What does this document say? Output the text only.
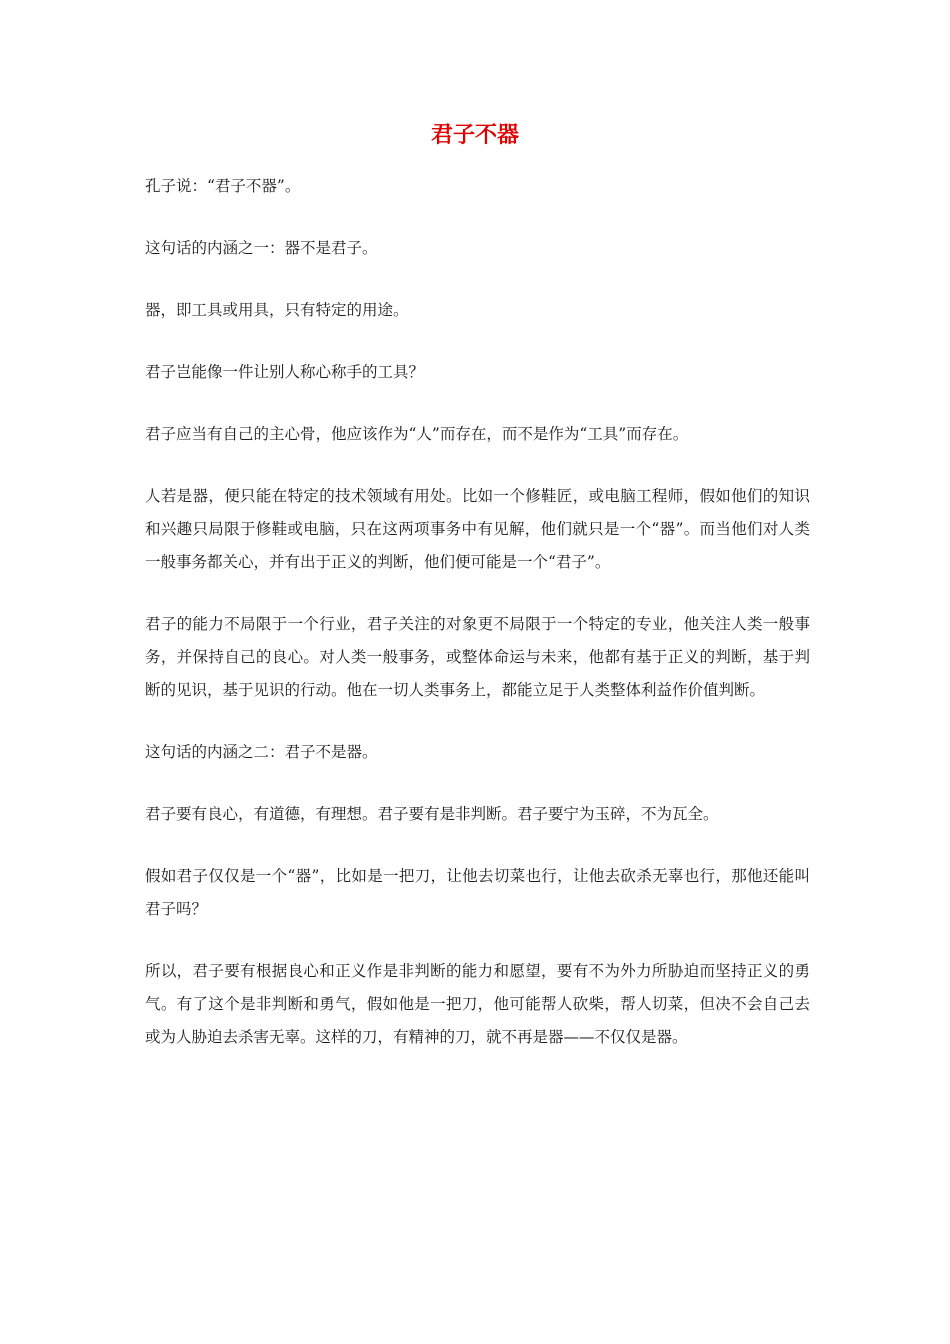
君子不器

孔子说：“君子不器”。

这句话的内涵之一：器不是君子。

器，即工具或用具，只有特定的用途。

君子岂能像一件让别人称心称手的工具？

君子应当有自己的主心骨，他应该作为“人”而存在，而不是作为“工具”而存在。

人若是器，便只能在特定的技术领域有用处。比如一个修鞋匠，或电脑工程师，假如他们的知识和兴趣只局限于修鞋或电脑，只在这两项事务中有见解，他们就只是一个“器”。而当他们对人类一般事务都关心，并有出于正义的判断，他们便可能是一个“君子”。

君子的能力不局限于一个行业，君子关注的对象更不局限于一个特定的专业，他关注人类一般事务，并保持自己的良心。对人类一般事务，或整体命运与未来，他都有基于正义的判断，基于判断的见识，基于见识的行动。他在一切人类事务上，都能立足于人类整体利益作价值判断。

这句话的内涵之二：君子不是器。

君子要有良心，有道德，有理想。君子要有是非判断。君子要宁为玉碎，不为瓦全。

假如君子仅仅是一个“器”，比如是一把刀，让他去切菜也行，让他去砍杀无辜也行，那他还能叫君子吗？

所以，君子要有根据良心和正义作是非判断的能力和愿望，要有不为外力所胁迫而坚持正义的勇气。有了这个是非判断和勇气，假如他是一把刀，他可能帮人砍柴，帮人切菜，但决不会自己去或为人胁迫去杀害无辜。这样的刀，有精神的刀，就不再是器——不仅仅是器。
